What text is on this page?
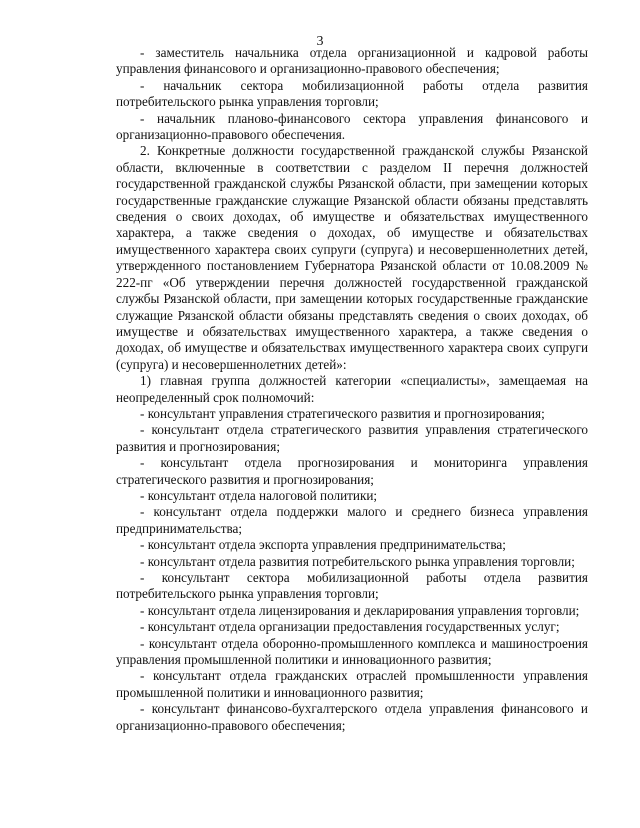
3

- заместитель начальника отдела организационной и кадровой работы управления финансового и организационно-правового обеспечения;

- начальник сектора мобилизационной работы отдела развития потребительского рынка управления торговли;

- начальник планово-финансового сектора управления финансового и организационно-правового обеспечения.

2. Конкретные должности государственной гражданской службы Рязанской области, включенные в соответствии с разделом II перечня должностей государственной гражданской службы Рязанской области, при замещении которых государственные гражданские служащие Рязанской области обязаны представлять сведения о своих доходах, об имуществе и обязательствах имущественного характера, а также сведения о доходах, об имуществе и обязательствах имущественного характера своих супруги (супруга) и несовершеннолетних детей, утвержденного постановлением Губернатора Рязанской области от 10.08.2009 № 222-пг «Об утверждении перечня должностей государственной гражданской службы Рязанской области, при замещении которых государственные гражданские служащие Рязанской области обязаны представлять сведения о своих доходах, об имуществе и обязательствах имущественного характера, а также сведения о доходах, об имуществе и обязательствах имущественного характера своих супруги (супруга) и несовершеннолетних детей»:

1) главная группа должностей категории «специалисты», замещаемая на неопределенный срок полномочий:

- консультант управления стратегического развития и прогнозирования;

- консультант отдела стратегического развития управления стратегического развития и прогнозирования;

- консультант отдела прогнозирования и мониторинга управления стратегического развития и прогнозирования;

- консультант отдела налоговой политики;

- консультант отдела поддержки малого и среднего бизнеса управления предпринимательства;

- консультант отдела экспорта управления предпринимательства;

- консультант отдела развития потребительского рынка управления торговли;

- консультант сектора мобилизационной работы отдела развития потребительского рынка управления торговли;

- консультант отдела лицензирования и декларирования управления торговли;

- консультант отдела организации предоставления государственных услуг;

- консультант отдела оборонно-промышленного комплекса и машиностроения управления промышленной политики и инновационного развития;

- консультант отдела гражданских отраслей промышленности управления промышленной политики и инновационного развития;

- консультант финансово-бухгалтерского отдела управления финансового и организационно-правового обеспечения;
